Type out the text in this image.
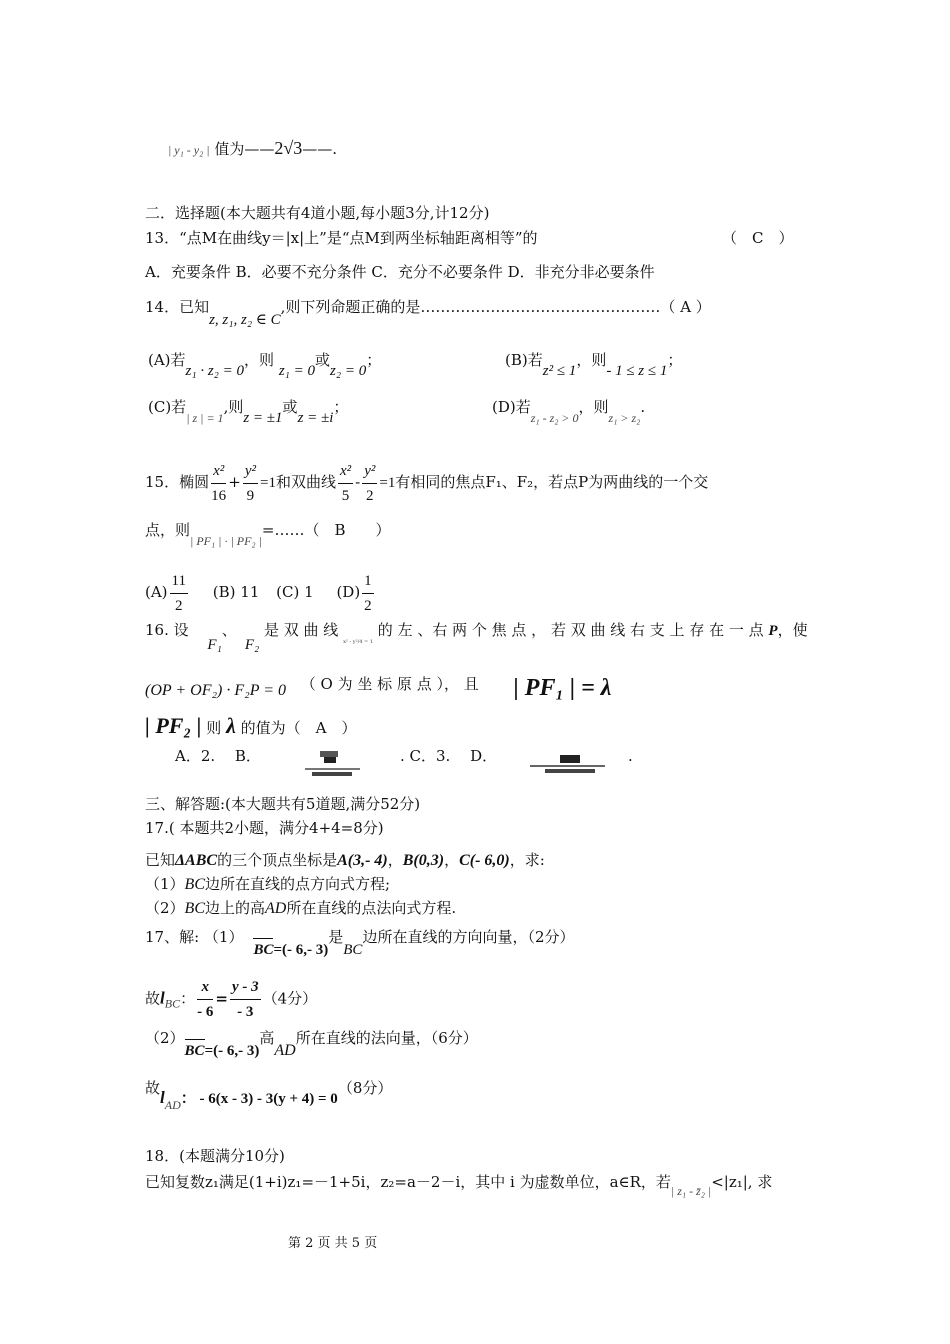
| y₁ - y₂ | 值为——2√3——.
二．选择题(本大题共有4道小题,每小题3分,计12分)
13．“点M在曲线y＝|x|上”是“点M到两坐标轴距离相等”的	（　C　）
A．充要条件 B．必要不充分条件 C．充分不必要条件 D．非充分非必要条件
14．已知z, z₁, z₂ ∈ C,则下列命题正确的是…………………………………………（ A ）
(A)若z₁ · z₂ = 0，则 z₁ = 0或z₂ = 0；	(B)若z² ≤ 1，则- 1 ≤ z ≤ 1；
(C)若$_{| z | = 1}$,则z = ±1或z = ±i；	(D)若$_{z_1 - z_2 > 0}$，则$_{z_1 > z_2}$.
15．椭圆 $\frac{\text{x²}}{16} + \frac{\text{y²}}{9} =1$和双曲线 $\frac{\text{x²}}{5} - \frac{\text{y²}}{2} =1$有相同的焦点F₁、F₂，若点P为两曲线的一个交
点，则$_{| PF_1 | \cdot | PF_2 |}$=……（　B　　）
$(A) \frac{11}{2} (B)$ 11 (C) 1 $(D) \frac{1}{2}$
16. 设 F₁、F₂ 是 双 曲 线 $_{x^2 - y^2/4 = 1}$ 的 左 、右 两 个 焦 点 ， 若 双 曲 线 右 支 上 存 在 一 点 P，使
(OP + OF₂) · F₂P = 0 （ O 为 坐 标 原 点 ）， 且 | PF₁ | = λ
| PF₂ | 则 λ 的值为（　A　）
A．2.　 B．	. C．3.　 D．	.
三、解答题:(本大题共有5道题,满分52分)
17.( 本题共2小题，满分4+4=8分)
已知ΔABC的三个顶点坐标是A(3,- 4)，B(0,3)，C(- 6,0)，求:
（1）BC边所在直线的点方向式方程;
（2）BC边上的高AD所在直线的点法向式方程.
17、解: （1）BC=(- 6,- 3)是BC边所在直线的方向向量，（2分）
故$l_{BC}$： $\frac{x}{- 6} = \frac{y - 3}{- 3} (4$分）
（2）BC=(- 6,- 3)高AD所在直线的法向量，（6分）
故$l_{AD}$： - 6(x - 3) - 3(y + 4) = 0（8分）
18．(本题满分10分)
已知复数z₁满足(1+i)z₁=－1+5i，z₂=a－2－i，其中 i 为虚数单位，a∈R，若$_{| z_1 - z̄_2 |}$<|z₁|, 求
第 2 页 共 5 页
